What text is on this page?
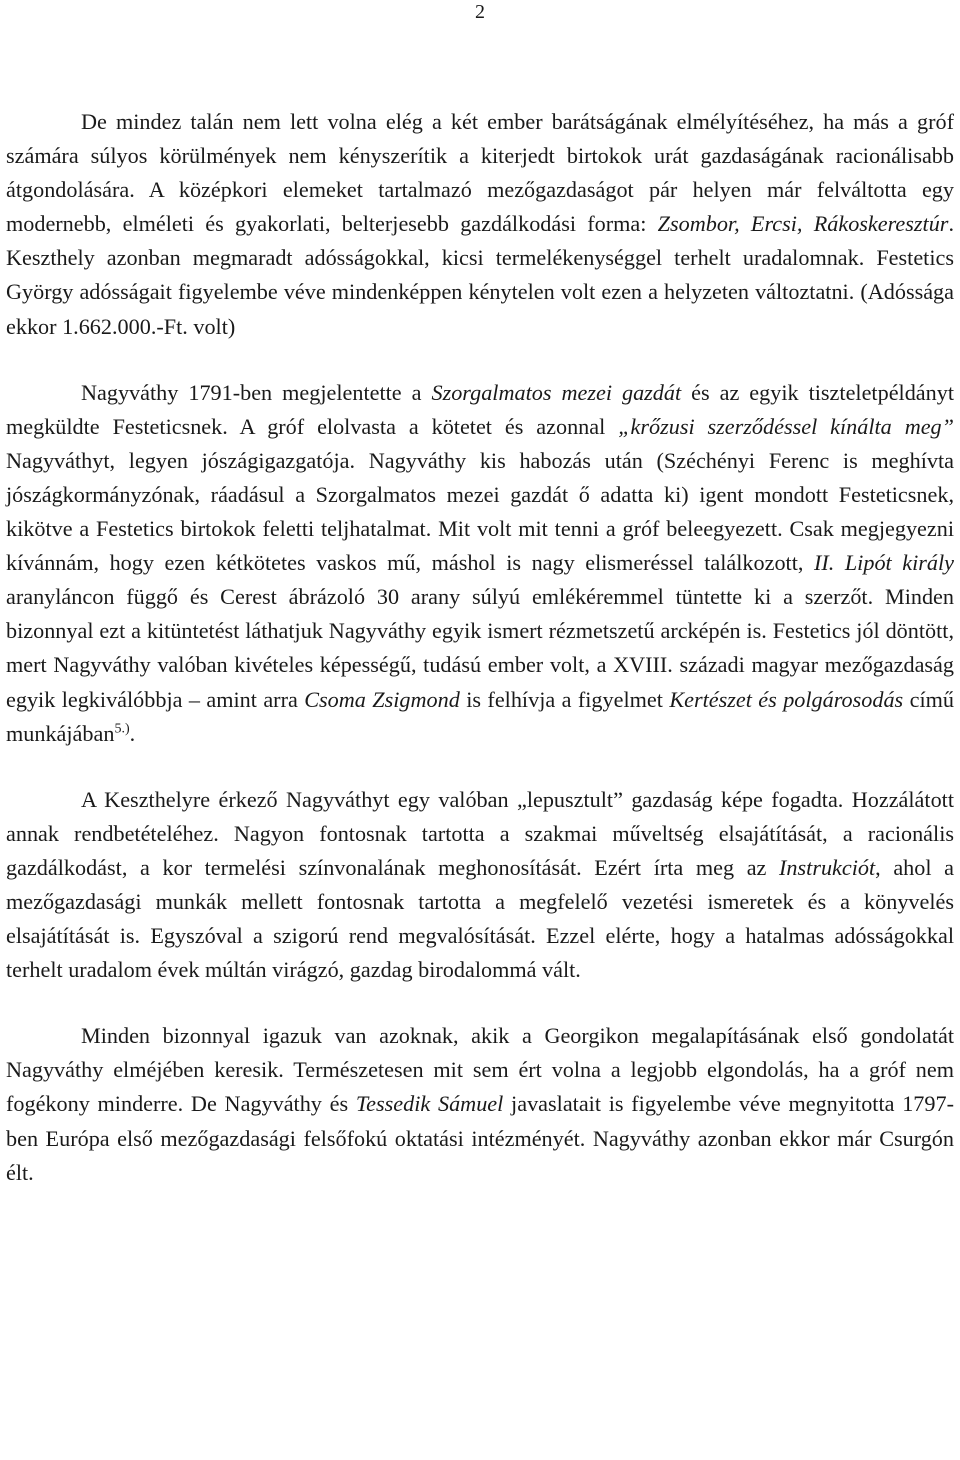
2

De mindez talán nem lett volna elég a két ember barátságának elmélyítéséhez, ha más a gróf számára súlyos körülmények nem kényszerítik a kiterjedt birtokok urát gazdaságának racionálisabb átgondolására. A középkori elemeket tartalmazó mezőgazdaságot pár helyen már felváltotta egy modernebb, elméleti és gyakorlati, belterjesebb gazdálkodási forma: Zsombor, Ercsi, Rákoskeresztúr. Keszthely azonban megmaradt adósságokkal, kicsi termelékenységgel terhelt uradalomnak. Festetics György adósságait figyelembe véve mindenképpen kénytelen volt ezen a helyzeten változtatni. (Adóssága ekkor 1.662.000.-Ft. volt)

Nagyváthy 1791-ben megjelentette a Szorgalmatos mezei gazdát és az egyik tiszteletpéldányt megküldte Festeticsnek. A gróf elolvasta a kötetet és azonnal „krőzusi szerződéssel kínálta meg” Nagyváthyt, legyen jószágigazgatója. Nagyváthy kis habozás után (Széchényi Ferenc is meghívta jószágkormányzónak, ráadásul a Szorgalmatos mezei gazdát ő adatta ki) igent mondott Festeticsnek, kikötve a Festetics birtokok feletti teljhatalmat. Mit volt mit tenni a gróf beleegyezett. Csak megjegyezni kívánnám, hogy ezen kétkötetes vaskos mű, máshol is nagy elismeréssel találkozott, II. Lipót király aranyláncon függő és Cerest ábrázoló 30 arany súlyú emlékéremmel tüntette ki a szerzőt. Minden bizonnyal ezt a kitüntetést láthatjuk Nagyváthy egyik ismert rézmetszetű arcképén is. Festetics jól döntött, mert Nagyváthy valóban kivételes képességű, tudású ember volt, a XVIII. századi magyar mezőgazdaság egyik legkiválóbbja – amint arra Csoma Zsigmond is felhívja a figyelmet Kertészet és polgárosodás című munkájában$^{5.)}$.

A Keszthelyre érkező Nagyváthyt egy valóban „lepusztult” gazdaság képe fogadta. Hozzálátott annak rendbetételéhez. Nagyon fontosnak tartotta a szakmai műveltség elsajátítását, a racionális gazdálkodást, a kor termelési színvonalának meghonosítását. Ezért írta meg az Instrukciót, ahol a mezőgazdasági munkák mellett fontosnak tartotta a megfelelő vezetési ismeretek és a könyvelés elsajátítását is. Egyszóval a szigorú rend megvalósítását. Ezzel elérte, hogy a hatalmas adósságokkal terhelt uradalom évek múltán virágzó, gazdag birodalommá vált.

Minden bizonnyal igazuk van azoknak, akik a Georgikon megalapításának első gondolatát Nagyváthy elméjében keresik. Természetesen mit sem ért volna a legjobb elgondolás, ha a gróf nem fogékony minderre. De Nagyváthy és Tessedik Sámuel javaslatait is figyelembe véve megnyitotta 1797-ben Európa első mezőgazdasági felsőfokú oktatási intézményét. Nagyváthy azonban ekkor már Csurgón élt.
